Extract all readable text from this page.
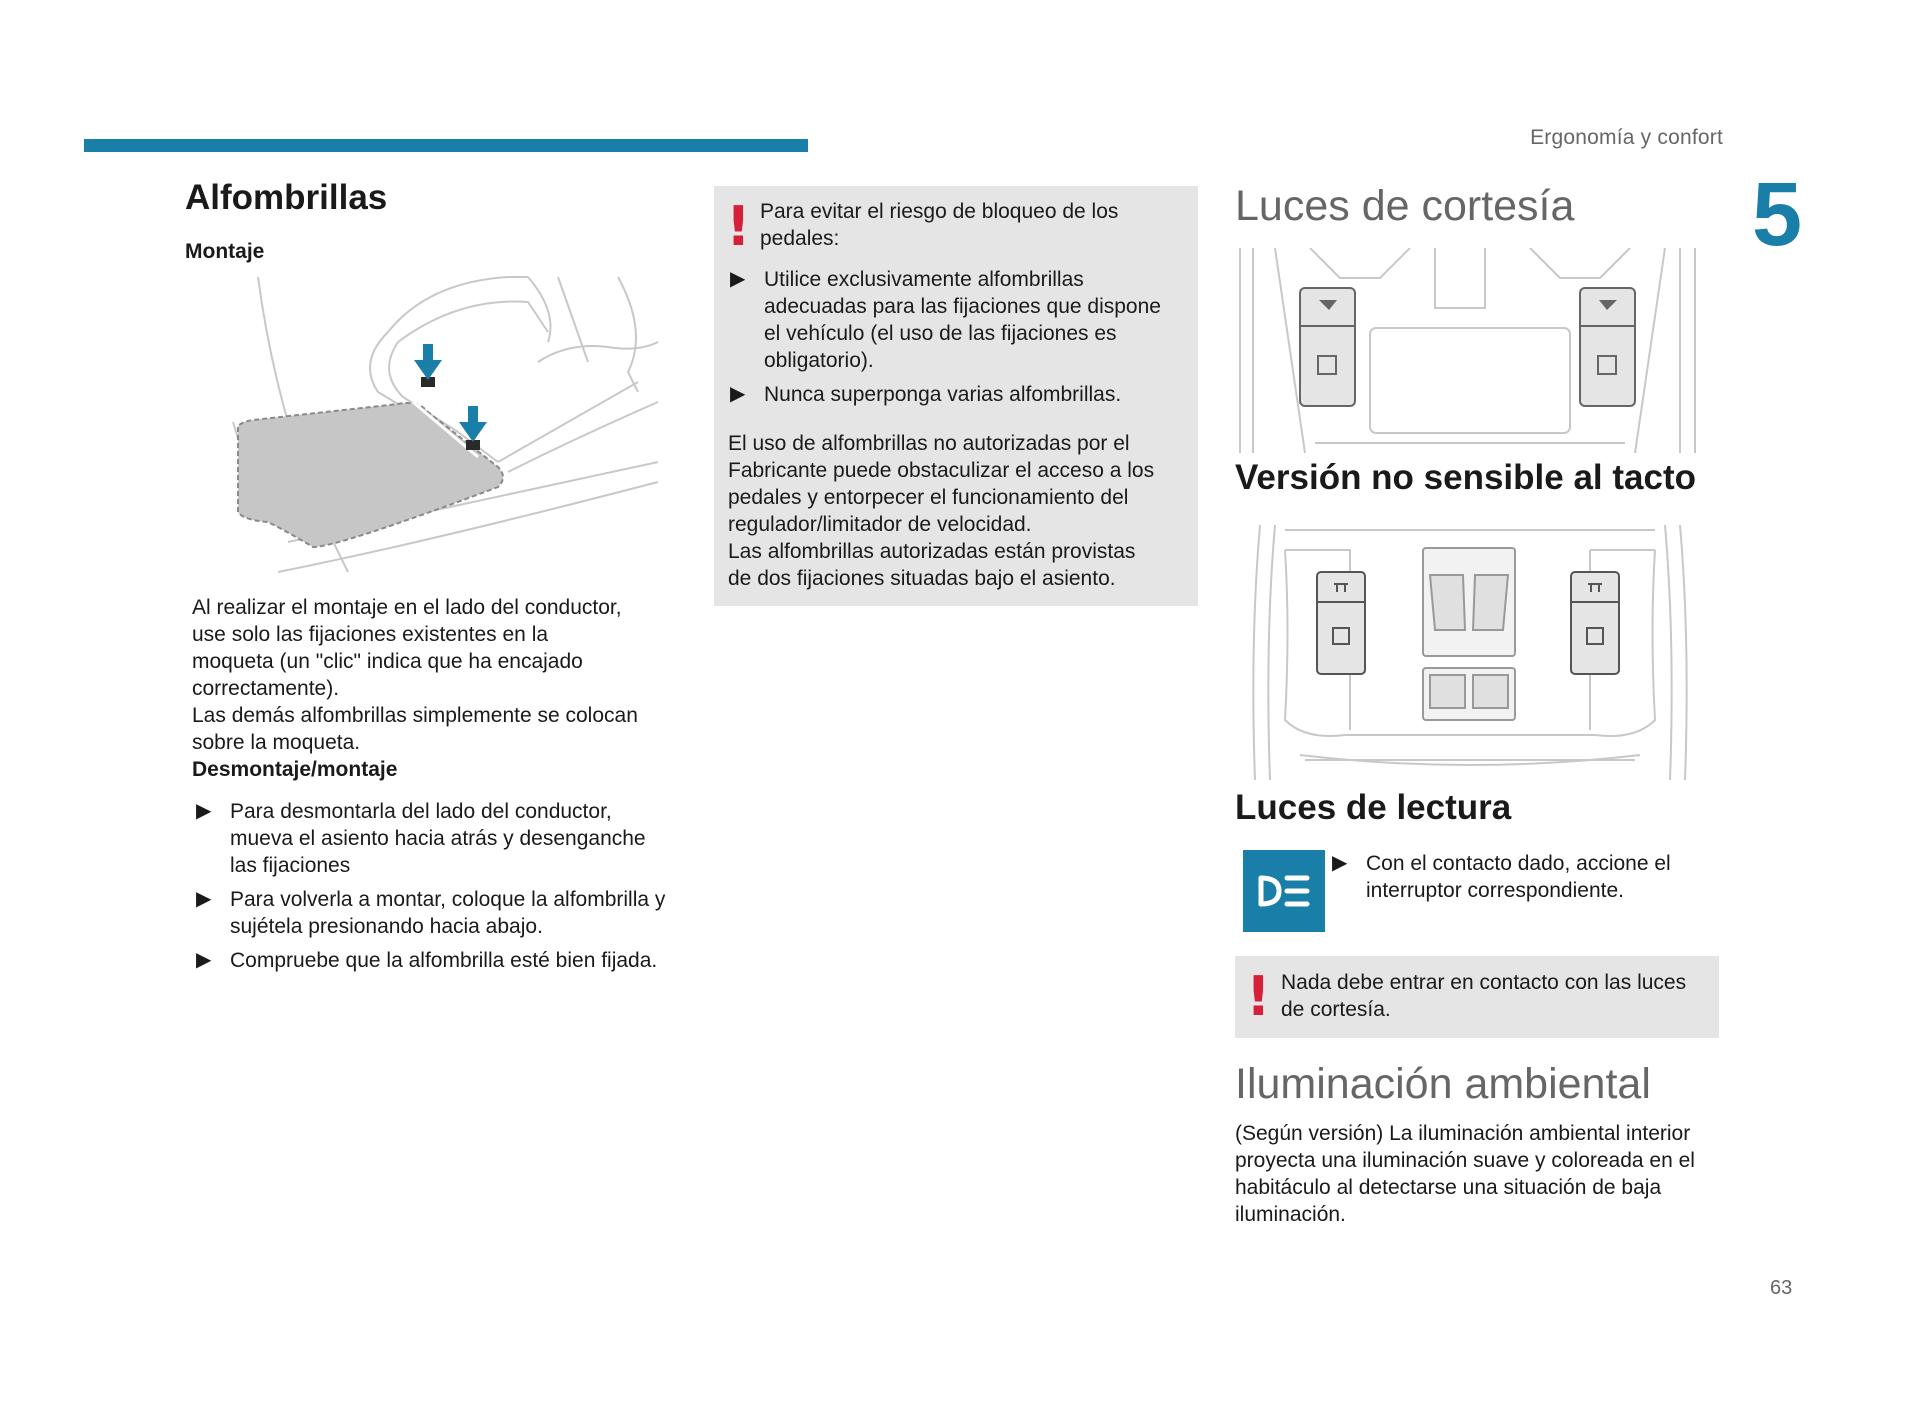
Ergonomía y confort
5
63
Alfombrillas
Montaje
Al realizar el montaje en el lado del conductor,
use solo las fijaciones existentes en la
moqueta (un "clic" indica que ha encajado
correctamente).
Las demás alfombrillas simplemente se colocan
sobre la moqueta.
Desmontaje/montaje
▶ Para desmontarla del lado del conductor, mueva el asiento hacia atrás y desenganche las fijaciones
▶ Para volverla a montar, coloque la alfombrilla y sujétela presionando hacia abajo.
▶ Compruebe que la alfombrilla esté bien fijada.
! Para evitar el riesgo de bloqueo de los pedales:
▶ Utilice exclusivamente alfombrillas adecuadas para las fijaciones que dispone el vehículo (el uso de las fijaciones es obligatorio).
▶ Nunca superponga varias alfombrillas.
El uso de alfombrillas no autorizadas por el
Fabricante puede obstaculizar el acceso a los
pedales y entorpecer el funcionamiento del
regulador/limitador de velocidad.
Las alfombrillas autorizadas están provistas
de dos fijaciones situadas bajo el asiento.
Luces de cortesía
Versión no sensible al tacto
Luces de lectura
▶ Con el contacto dado, accione el interruptor correspondiente.
! Nada debe entrar en contacto con las luces de cortesía.
Iluminación ambiental
(Según versión) La iluminación ambiental interior proyecta una iluminación suave y coloreada en el habitáculo al detectarse una situación de baja iluminación.
